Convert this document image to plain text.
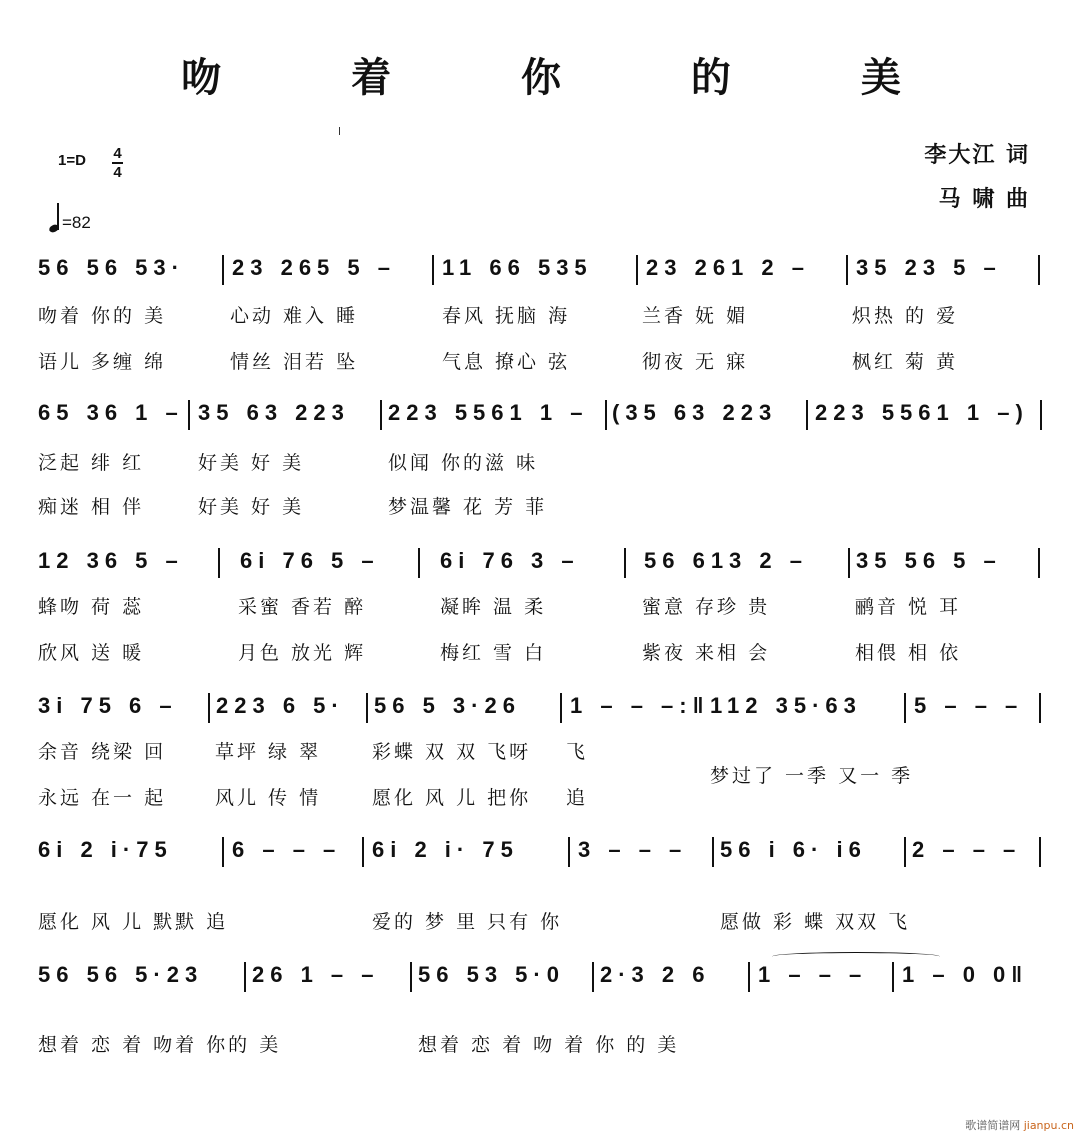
吻 着 你 的 美
1=D 4
4
=82
李大江 词
马 啸 曲
56 56 53· 23 265 5 – 11 66 535 23 261 2 – 35 23 5 –
吻着 你的 美	心动 难入 睡	春风 抚脑 海	兰香 妩 媚	炽热 的 爱
语儿 多缠 绵	情丝 泪若 坠	气息 撩心 弦	彻夜 无 寐	枫红 菊 黄
65 36 1 – 35 63 223 223 5561 1 – (35 63 223 223 5561 1 –)
泛起 绯 红	好美 好 美	似闻 你的滋 味
痴迷 相 伴	好美 好 美	梦温馨 花 芳 菲
12 36 5 –	6i 76 5 –	6i 76 3 –	56 613 2 – 35 56 5 –
蜂吻 荷 蕊	采蜜 香若 醉	凝眸 温 柔	蜜意 存珍 贵	鹂音 悦 耳
欣风 送 暖	月色 放光 辉	梅红 雪 白	紫夜 来相 会	相偎 相 依
3i 75 6 – 223 6 5· 56 5 3·26 1 – – –:‖ 112 35·63 5 – – –
余音 绕梁 回	草坪 绿 翠	彩蝶 双 双 飞呀 飞
永远 在一 起	风儿 传 情	愿化 风 儿 把你 追
梦过了 一季 又一 季
6i 2 i·75	6 – – – 6i 2 i· 75	3 – – – 56 i 6· i6 2 – – –
愿化 风 儿 默默 追	爱的 梦 里 只有 你	愿做 彩 蝶 双双 飞
56 56 5·23 26 1 – – 56 53 5·0 2·3 2 6 1 – – – 1 – 0 0‖
想着 恋 着 吻着 你的 美	想着 恋 着 吻 着 你 的 美
歌谱简谱网 jianpu.cn
